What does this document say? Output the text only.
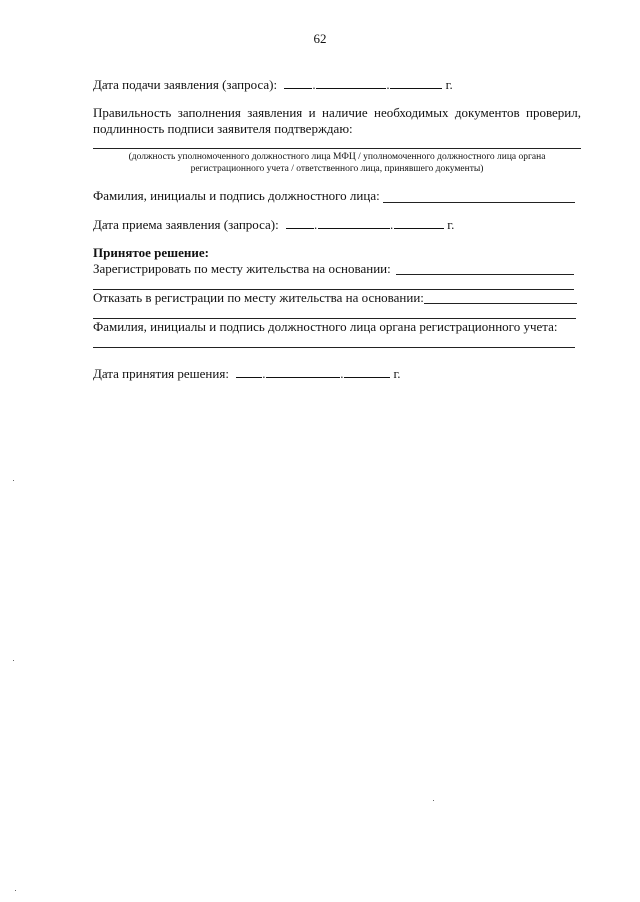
62
Дата подачи заявления (запроса):	.	.	г.
Правильность заполнения заявления и наличие необходимых документов проверил, подлинность подписи заявителя подтверждаю:
(должность уполномоченного должностного лица МФЦ / уполномоченного должностного лица органа регистрационного учета / ответственного лица, принявшего документы)
Фамилия, инициалы и подпись должностного лица:
Дата приема заявления (запроса):	.	.	г.
Принятое решение:
Зарегистрировать по месту жительства на основании:
Отказать в регистрации по месту жительства на основании:
Фамилия, инициалы и подпись должностного лица органа регистрационного учета:
Дата принятия решения:	.	.	г.
